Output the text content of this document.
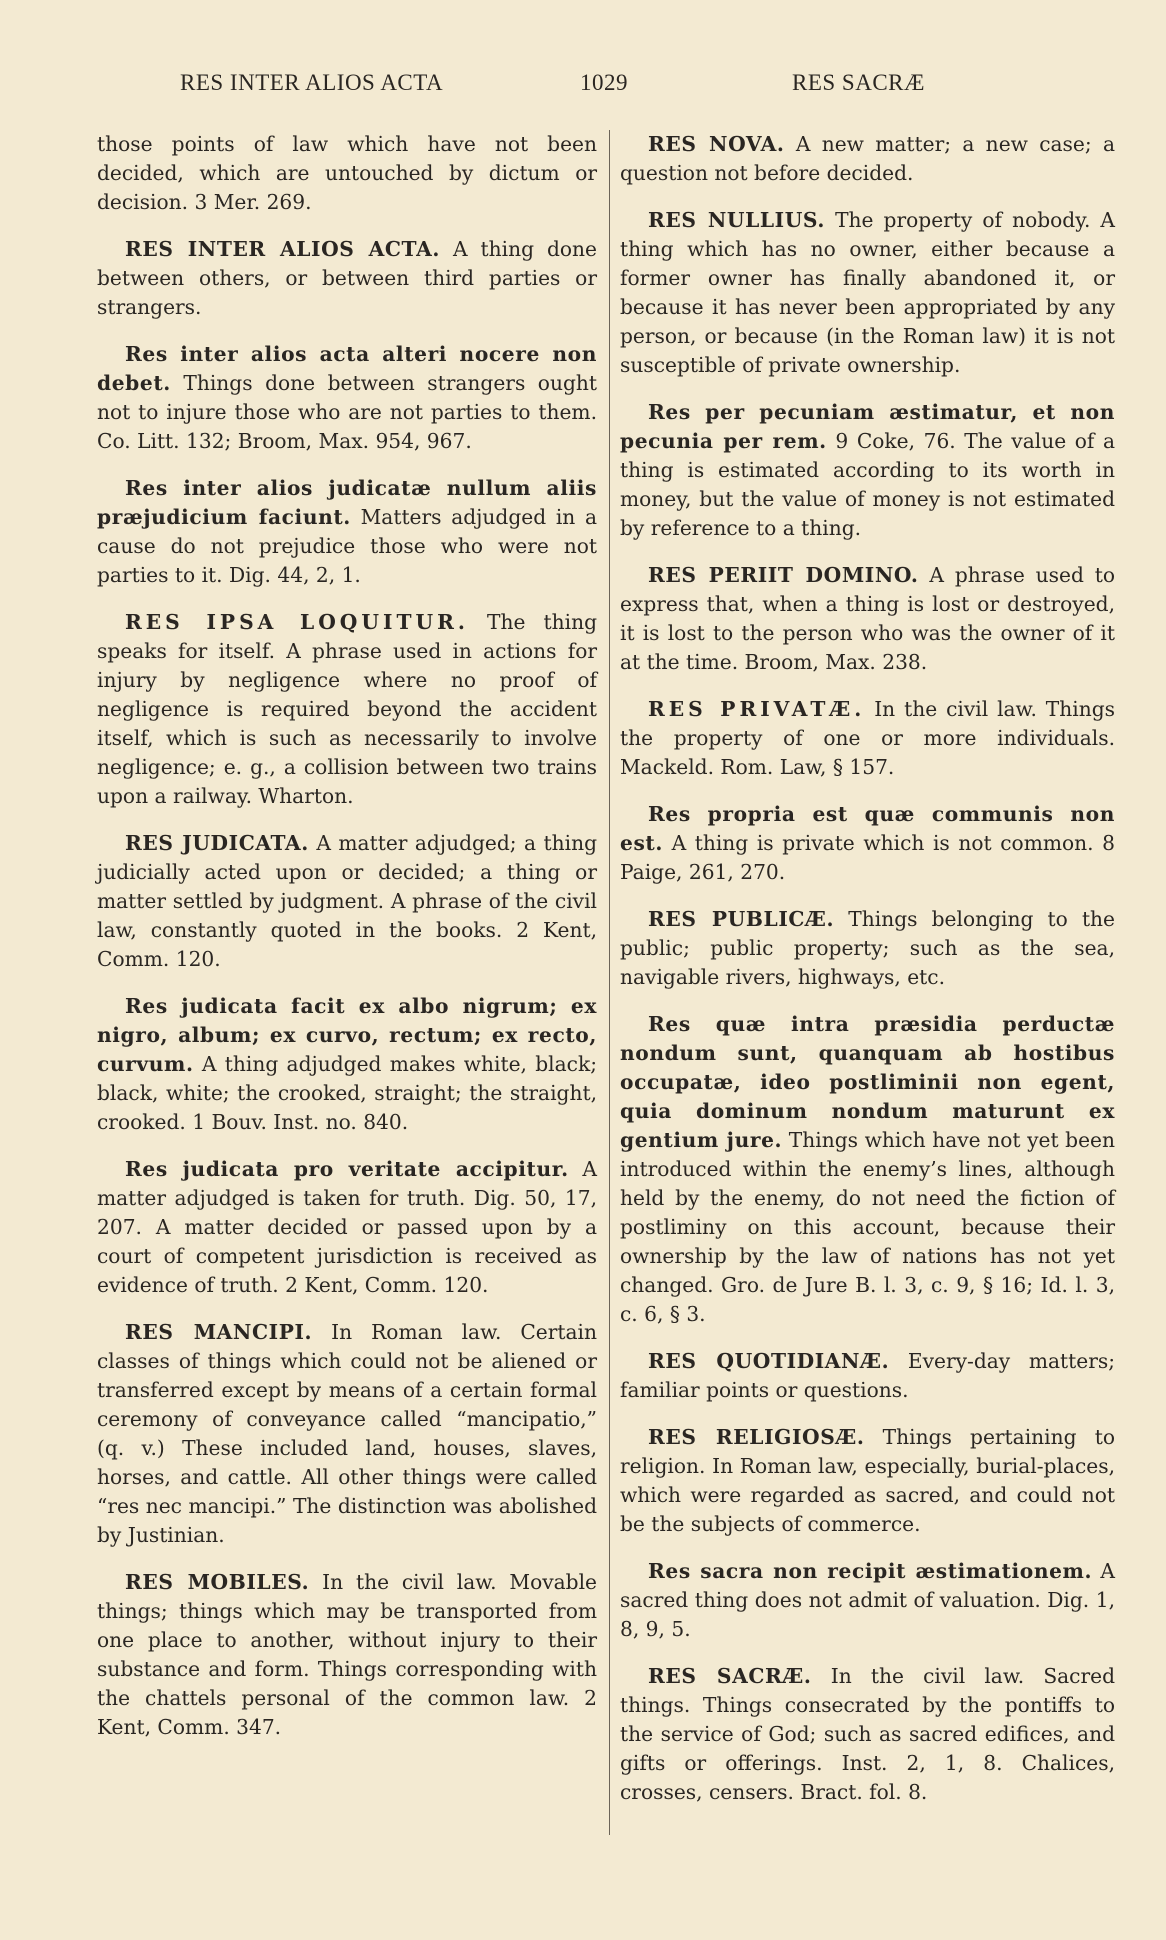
RES INTER ALIOS ACTA	1029	RES SACRÆ

those points of law which have not been decided, which are untouched by dictum or decision. 3 Mer. 269.

RES INTER ALIOS ACTA. A thing done between others, or between third parties or strangers.

Res inter alios acta alteri nocere non debet. Things done between strangers ought not to injure those who are not parties to them. Co. Litt. 132; Broom, Max. 954, 967.

Res inter alios judicatæ nullum aliis præjudicium faciunt. Matters adjudged in a cause do not prejudice those who were not parties to it. Dig. 44, 2, 1.

RES IPSA LOQUITUR. The thing speaks for itself. A phrase used in actions for injury by negligence where no proof of negligence is required beyond the accident itself, which is such as necessarily to involve negligence; e. g., a collision between two trains upon a railway. Wharton.

RES JUDICATA. A matter adjudged; a thing judicially acted upon or decided; a thing or matter settled by judgment. A phrase of the civil law, constantly quoted in the books. 2 Kent, Comm. 120.

Res judicata facit ex albo nigrum; ex nigro, album; ex curvo, rectum; ex recto, curvum. A thing adjudged makes white, black; black, white; the crooked, straight; the straight, crooked. 1 Bouv. Inst. no. 840.

Res judicata pro veritate accipitur. A matter adjudged is taken for truth. Dig. 50, 17, 207. A matter decided or passed upon by a court of competent jurisdiction is received as evidence of truth. 2 Kent, Comm. 120.

RES MANCIPI. In Roman law. Certain classes of things which could not be aliened or transferred except by means of a certain formal ceremony of conveyance called “mancipatio,” (q. v.) These included land, houses, slaves, horses, and cattle. All other things were called “res nec mancipi.” The distinction was abolished by Justinian.

RES MOBILES. In the civil law. Movable things; things which may be transported from one place to another, without injury to their substance and form. Things corresponding with the chattels personal of the common law. 2 Kent, Comm. 347.

RES NOVA. A new matter; a new case; a question not before decided.

RES NULLIUS. The property of nobody. A thing which has no owner, either because a former owner has finally abandoned it, or because it has never been appropriated by any person, or because (in the Roman law) it is not susceptible of private ownership.

Res per pecuniam æstimatur, et non pecunia per rem. 9 Coke, 76. The value of a thing is estimated according to its worth in money, but the value of money is not estimated by reference to a thing.

RES PERIIT DOMINO. A phrase used to express that, when a thing is lost or destroyed, it is lost to the person who was the owner of it at the time. Broom, Max. 238.

RES PRIVATÆ. In the civil law. Things the property of one or more individuals. Mackeld. Rom. Law, § 157.

Res propria est quæ communis non est. A thing is private which is not common. 8 Paige, 261, 270.

RES PUBLICÆ. Things belonging to the public; public property; such as the sea, navigable rivers, highways, etc.

Res quæ intra præsidia perductæ nondum sunt, quanquam ab hostibus occupatæ, ideo postliminii non egent, quia dominum nondum maturunt ex gentium jure. Things which have not yet been introduced within the enemy’s lines, although held by the enemy, do not need the fiction of postliminy on this account, because their ownership by the law of nations has not yet changed. Gro. de Jure B. l. 3, c. 9, § 16; Id. l. 3, c. 6, § 3.

RES QUOTIDIANÆ. Every-day matters; familiar points or questions.

RES RELIGIOSÆ. Things pertaining to religion. In Roman law, especially, burial-places, which were regarded as sacred, and could not be the subjects of commerce.

Res sacra non recipit æstimationem. A sacred thing does not admit of valuation. Dig. 1, 8, 9, 5.

RES SACRÆ. In the civil law. Sacred things. Things consecrated by the pontiffs to the service of God; such as sacred edifices, and gifts or offerings. Inst. 2, 1, 8. Chalices, crosses, censers. Bract. fol. 8.
